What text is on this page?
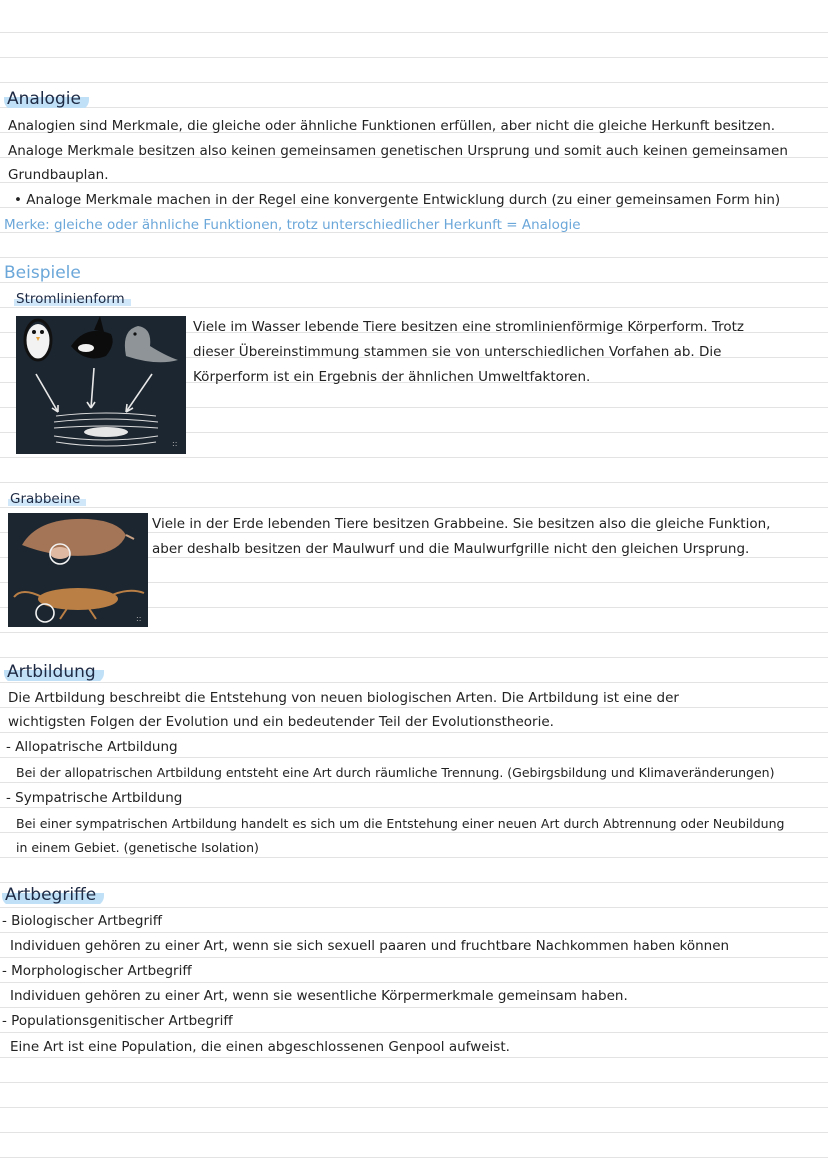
Analogie
Analogien sind Merkmale, die gleiche oder ähnliche Funktionen erfüllen, aber nicht die gleiche Herkunft besitzen.
Analoge Merkmale besitzen also keinen gemeinsamen genetischen Ursprung und somit auch keinen gemeinsamen
Grundbauplan.
• Analoge Merkmale machen in der Regel eine konvergente Entwicklung durch (zu einer gemeinsamen Form hin)
Merke: gleiche oder ähnliche Funktionen, trotz unterschiedlicher Herkunft = Analogie
Beispiele
Stromlinienform
::
Viele im Wasser lebende Tiere besitzen eine stromlinienförmige Körperform. Trotz
dieser Übereinstimmung stammen sie von unterschiedlichen Vorfahen ab. Die
Körperform ist ein Ergebnis der ähnlichen Umweltfaktoren.
Grabbeine
::
Viele in der Erde lebenden Tiere besitzen Grabbeine. Sie besitzen also die gleiche Funktion,
aber deshalb besitzen der Maulwurf und die Maulwurfgrille nicht den gleichen Ursprung.
Artbildung
Die Artbildung beschreibt die Entstehung von neuen biologischen Arten. Die Artbildung ist eine der
wichtigsten Folgen der Evolution und ein bedeutender Teil der Evolutionstheorie.
- Allopatrische Artbildung
Bei der allopatrischen Artbildung entsteht eine Art durch räumliche Trennung. (Gebirgsbildung und Klimaveränderungen)
- Sympatrische Artbildung
Bei einer sympatrischen Artbildung handelt es sich um die Entstehung einer neuen Art durch Abtrennung oder Neubildung
in einem Gebiet. (genetische Isolation)
Artbegriffe
- Biologischer Artbegriff
Individuen gehören zu einer Art, wenn sie sich sexuell paaren und fruchtbare Nachkommen haben können
- Morphologischer Artbegriff
Individuen gehören zu einer Art, wenn sie wesentliche Körpermerkmale gemeinsam haben.
- Populationsgenitischer Artbegriff
Eine Art ist eine Population, die einen abgeschlossenen Genpool aufweist.
